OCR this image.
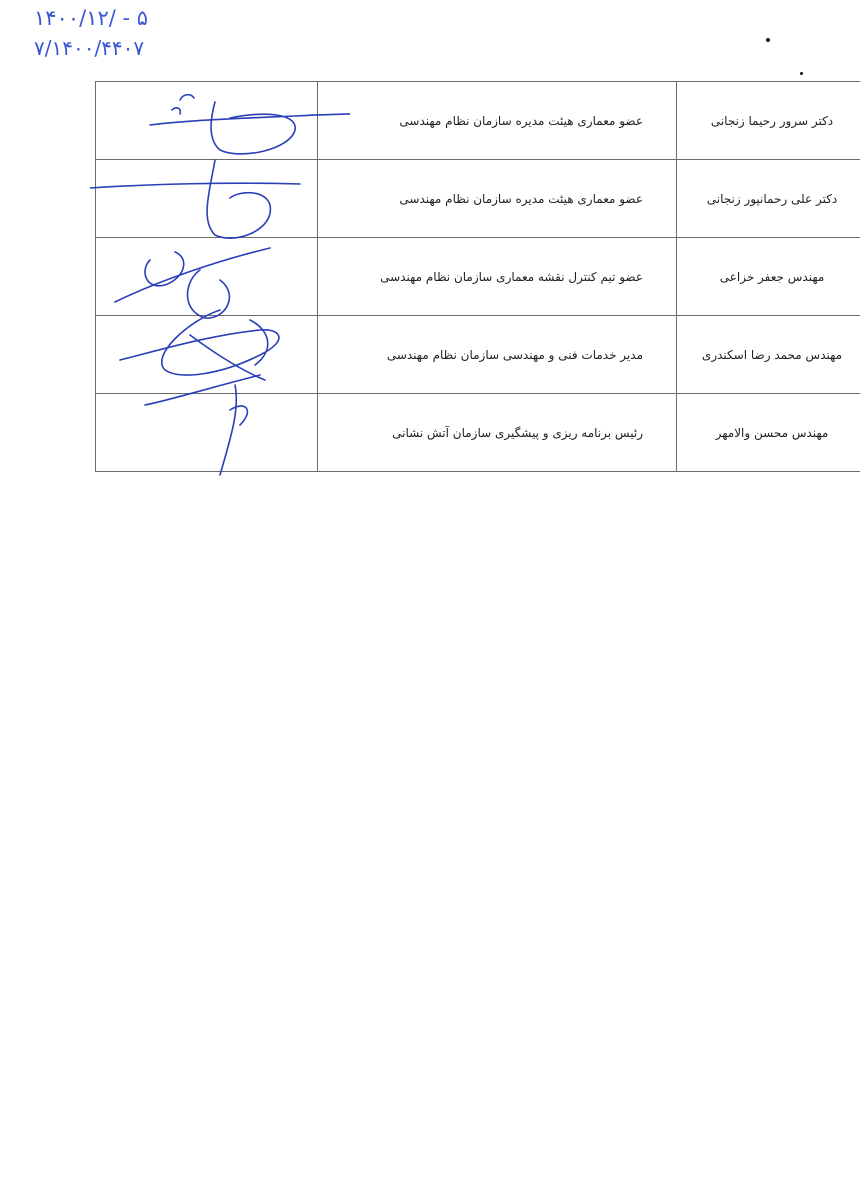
۱۴۰۰/۱۲/ - ۵
۷/۱۴۰۰/۴۴۰۷
	عضو معماری هیئت مدیره سازمان نظام مهندسی	دکتر سرور رحیما زنجانی
	عضو معماری هیئت مدیره سازمان نظام مهندسی	دکتر علی رحمانپور زنجانی
	عضو تیم کنترل نقشه معماری سازمان نظام مهندسی	مهندس جعفر خزاعی
	مدیر خدمات فنی و مهندسی سازمان نظام مهندسی	مهندس محمد رضا اسکندری
	رئیس برنامه ریزی و پیشگیری سازمان آتش نشانی	مهندس محسن والامهر
